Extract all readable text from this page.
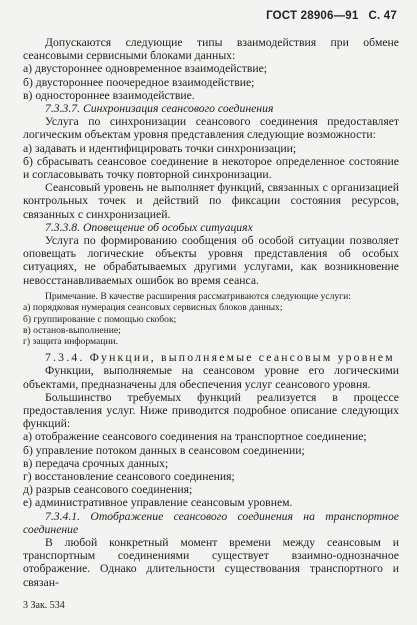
ГОСТ 28906—91 С. 47

Допускаются следующие типы взаимодействия при обмене сеансовыми сервисными блоками данных:

а) двустороннее одновременное взаимодействие;

б) двустороннее поочередное взаимодействие;

в) одностороннее взаимодействие.

7.3.3.7. Синхронизация сеансового соединения

Услуга по синхронизации сеансового соединения предоставляет логическим объектам уровня представления следующие возможности:

а) задавать и идентифицировать точки синхронизации;

б) сбрасывать сеансовое соединение в некоторое определенное состояние и согласовывать точку повторной синхронизации.

Сеансовый уровень не выполняет функций, связанных с организацией контрольных точек и действий по фиксации состояния ресурсов, связанных с синхронизацией.

7.3.3.8. Оповещение об особых ситуациях

Услуга по формированию сообщения об особой ситуации позволяет оповещать логические объекты уровня представления об особых ситуациях, не обрабатываемых другими услугами, как возникновение невосстанавливаемых ошибок во время сеанса.

Примечание. В качестве расширения рассматриваются следующие услуги:

а) порядковая нумерация сеансовых сервисных блоков данных;

б) группирование с помощью скобок;

в) останов-выполнение;

г) защита информации.

7.3.4. Функции, выполняемые сеансовым уровнем

Функции, выполняемые на сеансовом уровне его логическими объектами, предназначены для обеспечения услуг сеансового уровня.

Большинство требуемых функций реализуется в процессе предоставления услуг. Ниже приводится подробное описание следующих функций:

а) отображение сеансового соединения на транспортное соединение;

б) управление потоком данных в сеансовом соединении;

в) передача срочных данных;

г) восстановление сеансового соединения;

д) разрыв сеансового соединения;

е) административное управление сеансовым уровнем.

7.3.4.1. Отображение сеансового соединения на транспортное соединение

В любой конкретный момент времени между сеансовым и транспортным соединениями существует взаимно-однозначное отображение. Однако длительности существования транспортного и связан-

3 Зак. 534
